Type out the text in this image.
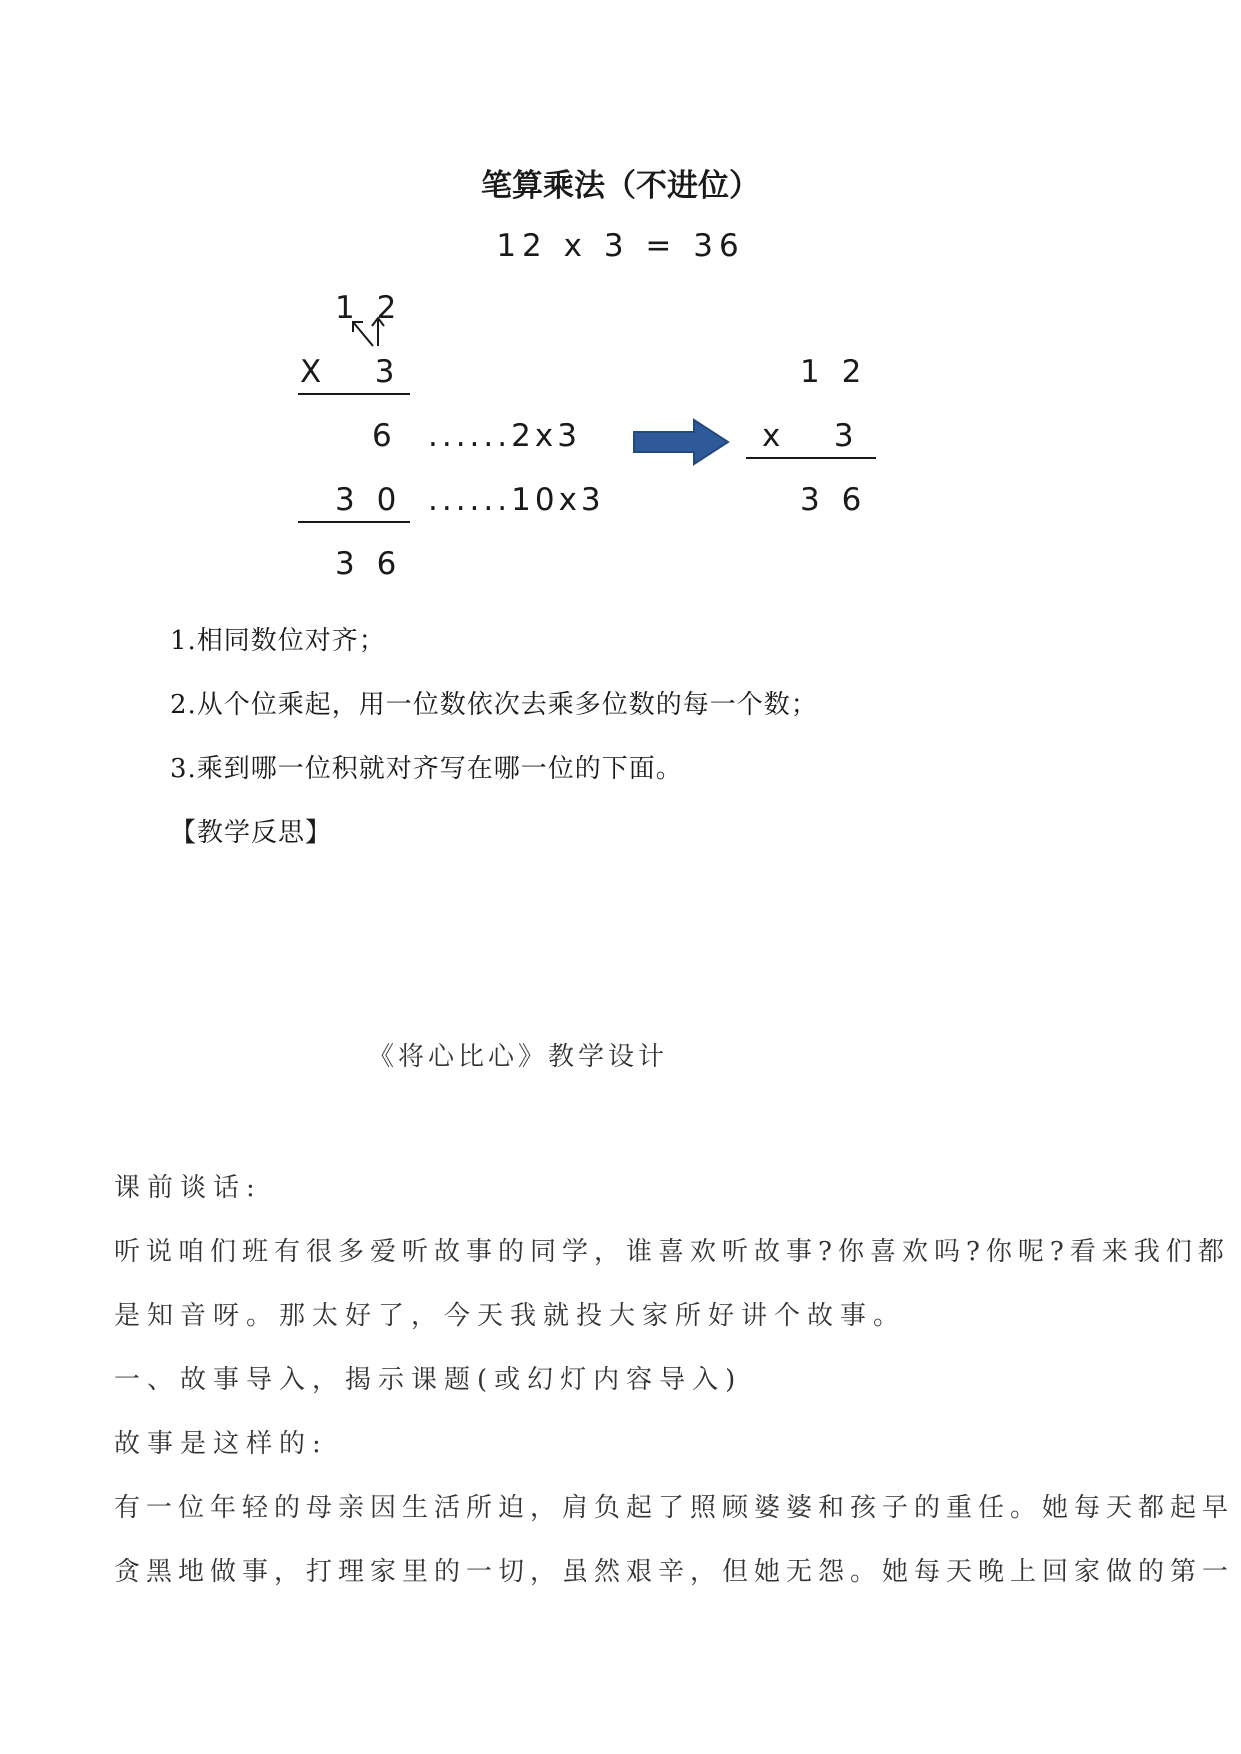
笔算乘法（不进位）
12 x 3 = 36
1 2
X   3
6 ......2x3
3 0 ......10x3
3 6
1 2
x   3
3 6
1.相同数位对齐；
2.从个位乘起，用一位数依次去乘多位数的每一个数；
3.乘到哪一位积就对齐写在哪一位的下面。
【教学反思】
《将心比心》教学设计
课前谈话:
听说咱们班有很多爱听故事的同学，谁喜欢听故事?你喜欢吗?你呢?看来我们都
是知音呀。那太好了，今天我就投大家所好讲个故事。
一、故事导入，揭示课题(或幻灯内容导入)
故事是这样的:
有一位年轻的母亲因生活所迫，肩负起了照顾婆婆和孩子的重任。她每天都起早
贪黑地做事，打理家里的一切，虽然艰辛，但她无怨。她每天晚上回家做的第一
